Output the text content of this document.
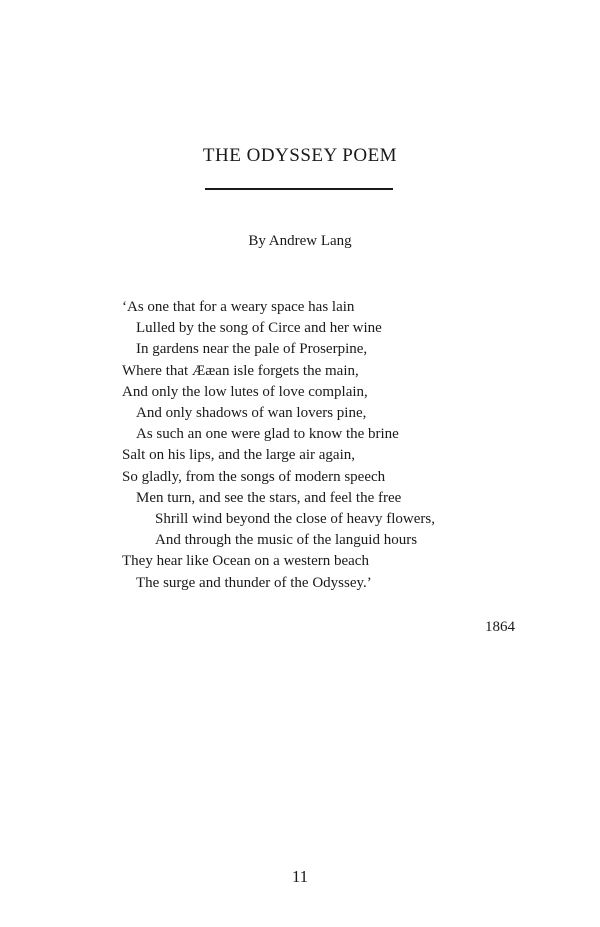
THE ODYSSEY POEM
By Andrew Lang
‘As one that for a weary space has lain
Lulled by the song of Circe and her wine
In gardens near the pale of Proserpine,
Where that Ææan isle forgets the main,
And only the low lutes of love complain,
And only shadows of wan lovers pine,
As such an one were glad to know the brine
Salt on his lips, and the large air again,
So gladly, from the songs of modern speech
Men turn, and see the stars, and feel the free
Shrill wind beyond the close of heavy flowers,
And through the music of the languid hours
They hear like Ocean on a western beach
The surge and thunder of the Odyssey.’
1864
11
